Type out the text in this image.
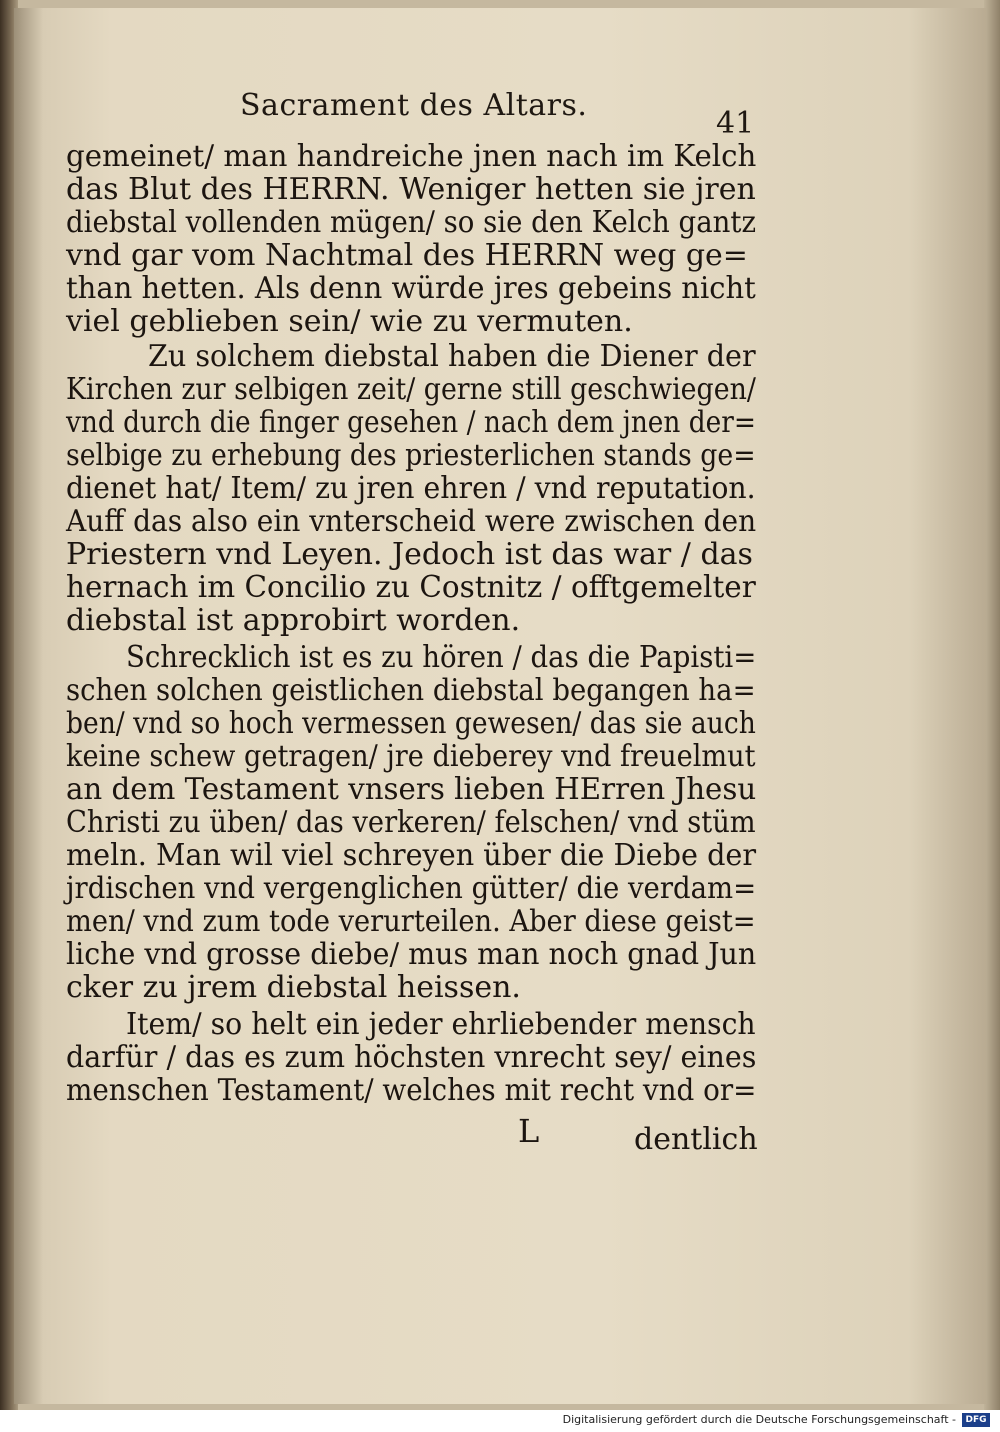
Sacrament des Altars.
41
gemeinet/ man handreiche jnen nach im Kelch
das Blut des HERRN. Weniger hetten sie jren
diebstal vollenden mügen/ so sie den Kelch gantz
vnd gar vom Nachtmal des HERRN weg ge=
than hetten. Als denn würde jres gebeins nicht
viel geblieben sein/ wie zu vermuten.
Zu solchem diebstal haben die Diener der
Kirchen zur selbigen zeit/ gerne still geschwiegen/
vnd durch die finger gesehen / nach dem jnen der=
selbige zu erhebung des priesterlichen stands ge=
dienet hat/ Item/ zu jren ehren / vnd reputation.
Auff das also ein vnterscheid were zwischen den
Priestern vnd Leyen. Jedoch ist das war / das
hernach im Concilio zu Costnitz / offtgemelter
diebstal ist approbirt worden.
Schrecklich ist es zu hören / das die Papisti=
schen solchen geistlichen diebstal begangen ha=
ben/ vnd so hoch vermessen gewesen/ das sie auch
keine schew getragen/ jre dieberey vnd freuelmut
an dem Testament vnsers lieben HErren Jhesu
Christi zu üben/ das verkeren/ felschen/ vnd stüm
meln. Man wil viel schreyen über die Diebe der
jrdischen vnd vergenglichen gütter/ die verdam=
men/ vnd zum tode verurteilen. Aber diese geist=
liche vnd grosse diebe/ mus man noch gnad Jun
cker zu jrem diebstal heissen.
Item/ so helt ein jeder ehrliebender mensch
darfür / das es zum höchsten vnrecht sey/ eines
menschen Testament/ welches mit recht vnd or=
L	dentlich
Digitalisierung gefördert durch die Deutsche Forschungsgemeinschaft -	DFG
